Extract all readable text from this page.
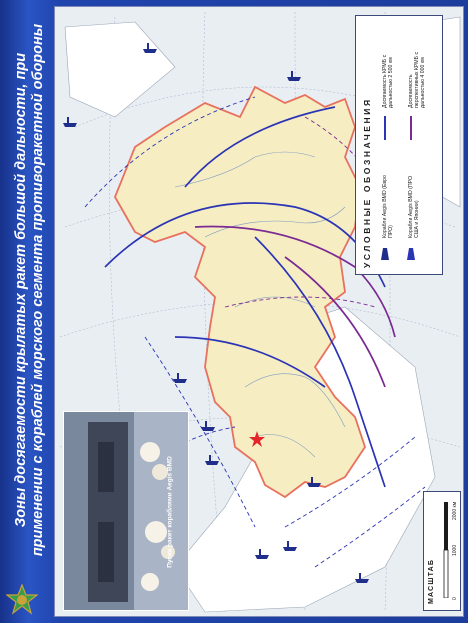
Зоны досягаемости крылатых ракет большой дальности, при применении с кораблей морского сегмента противоракетной обороны	Пуски ракет кораблями Aegis BMD
УСЛОВНЫЕ ОБОЗНАЧЕНИЯ Корабли Aegis BMD (Евро ПРО)	Корабли Aegis BMD (ПРО США и Японии)
Досягаемость КРМБ с дальностью 2 500 км	Досягаемость перспективных КРМБ с дальностью 4 000 км
МАСШТАБ	0
1000
2000 км
